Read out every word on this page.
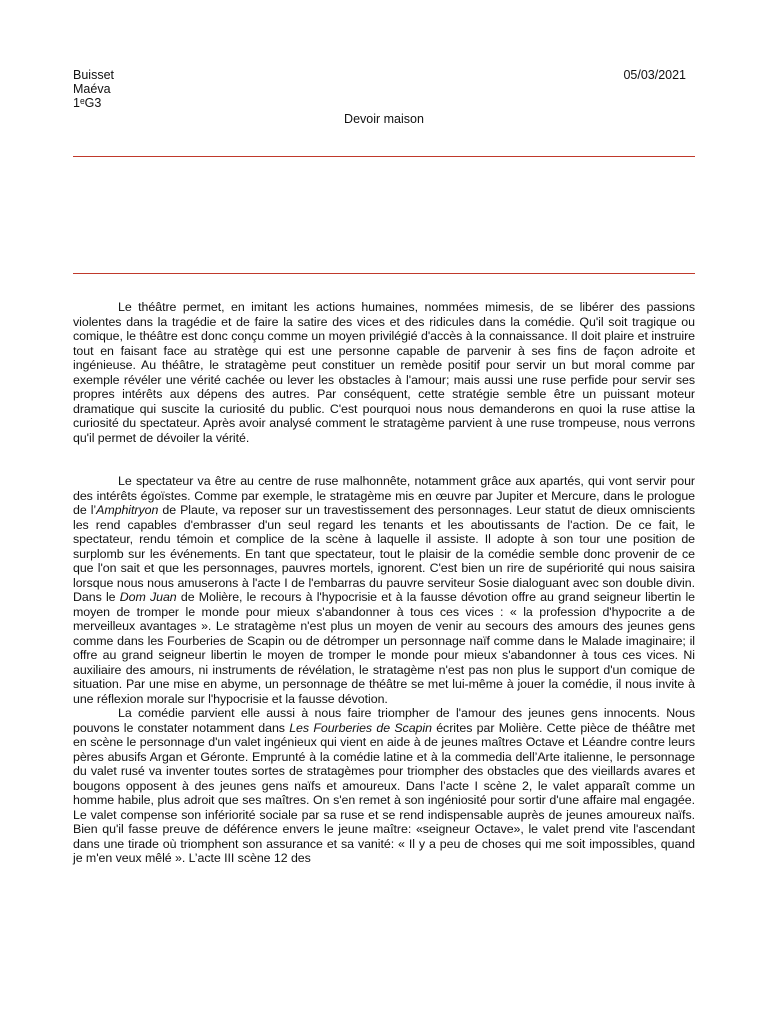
Buisset
Maéva
1ᵉG3
05/03/2021
Devoir maison

Le théâtre permet, en imitant les actions humaines, nommées mimesis, de se libérer des passions violentes dans la tragédie et de faire la satire des vices et des ridicules dans la comédie. Qu'il soit tragique ou comique, le théâtre est donc conçu comme un moyen privilégié d'accès à la connaissance. Il doit plaire et instruire tout en faisant face au stratège qui est une personne capable de parvenir à ses fins de façon adroite et ingénieuse. Au théâtre, le stratagème peut constituer un remède positif pour servir un but moral comme par exemple révéler une vérité cachée ou lever les obstacles à l'amour; mais aussi une ruse perfide pour servir ses propres intérêts aux dépens des autres. Par conséquent, cette stratégie semble être un puissant moteur dramatique qui suscite la curiosité du public. C'est pourquoi nous nous demanderons en quoi la ruse attise la curiosité du spectateur. Après avoir analysé comment le stratagème parvient à une ruse trompeuse, nous verrons qu'il permet de dévoiler la vérité.

Le spectateur va être au centre de ruse malhonnête, notamment grâce aux apartés, qui vont servir pour des intérêts égoïstes. Comme par exemple, le stratagème mis en œuvre par Jupiter et Mercure, dans le prologue de l’Amphitryon de Plaute, va reposer sur un travestissement des personnages. Leur statut de dieux omniscients les rend capables d'embrasser d'un seul regard les tenants et les aboutissants de l'action. De ce fait, le spectateur, rendu témoin et complice de la scène à laquelle il assiste. Il adopte à son tour une position de surplomb sur les événements. En tant que spectateur, tout le plaisir de la comédie semble donc provenir de ce que l'on sait et que les personnages, pauvres mortels, ignorent. C'est bien un rire de supériorité qui nous saisira lorsque nous nous amuserons à l'acte I de l'embarras du pauvre serviteur Sosie dialoguant avec son double divin. Dans le Dom Juan de Molière, le recours à l'hypocrisie et à la fausse dévotion offre au grand seigneur libertin le moyen de tromper le monde pour mieux s'abandonner à tous ces vices : « la profession d'hypocrite a de merveilleux avantages ». Le stratagème n'est plus un moyen de venir au secours des amours des jeunes gens comme dans les Fourberies de Scapin ou de détromper un personnage naïf comme dans le Malade imaginaire; il offre au grand seigneur libertin le moyen de tromper le monde pour mieux s'abandonner à tous ces vices. Ni auxiliaire des amours, ni instruments de révélation, le stratagème n'est pas non plus le support d'un comique de situation. Par une mise en abyme, un personnage de théâtre se met lui-même à jouer la comédie, il nous invite à une réflexion morale sur l'hypocrisie et la fausse dévotion.

La comédie parvient elle aussi à nous faire triompher de l'amour des jeunes gens innocents. Nous pouvons le constater notamment dans Les Fourberies de Scapin écrites par Molière. Cette pièce de théâtre met en scène le personnage d'un valet ingénieux qui vient en aide à de jeunes maîtres Octave et Léandre contre leurs pères abusifs Argan et Géronte. Emprunté à la comédie latine et à la commedia dell’Arte italienne, le personnage du valet rusé va inventer toutes sortes de stratagèmes pour triompher des obstacles que des vieillards avares et bougons opposent à des jeunes gens naïfs et amoureux. Dans l’acte I scène 2, le valet apparaît comme un homme habile, plus adroit que ses maîtres. On s'en remet à son ingéniosité pour sortir d'une affaire mal engagée. Le valet compense son infériorité sociale par sa ruse et se rend indispensable auprès de jeunes amoureux naïfs. Bien qu'il fasse preuve de déférence envers le jeune maître: «seigneur Octave», le valet prend vite l'ascendant dans une tirade où triomphent son assurance et sa vanité: « Il y a peu de choses qui me soit impossibles, quand je m'en veux mêlé ». L’acte III scène 12 des
